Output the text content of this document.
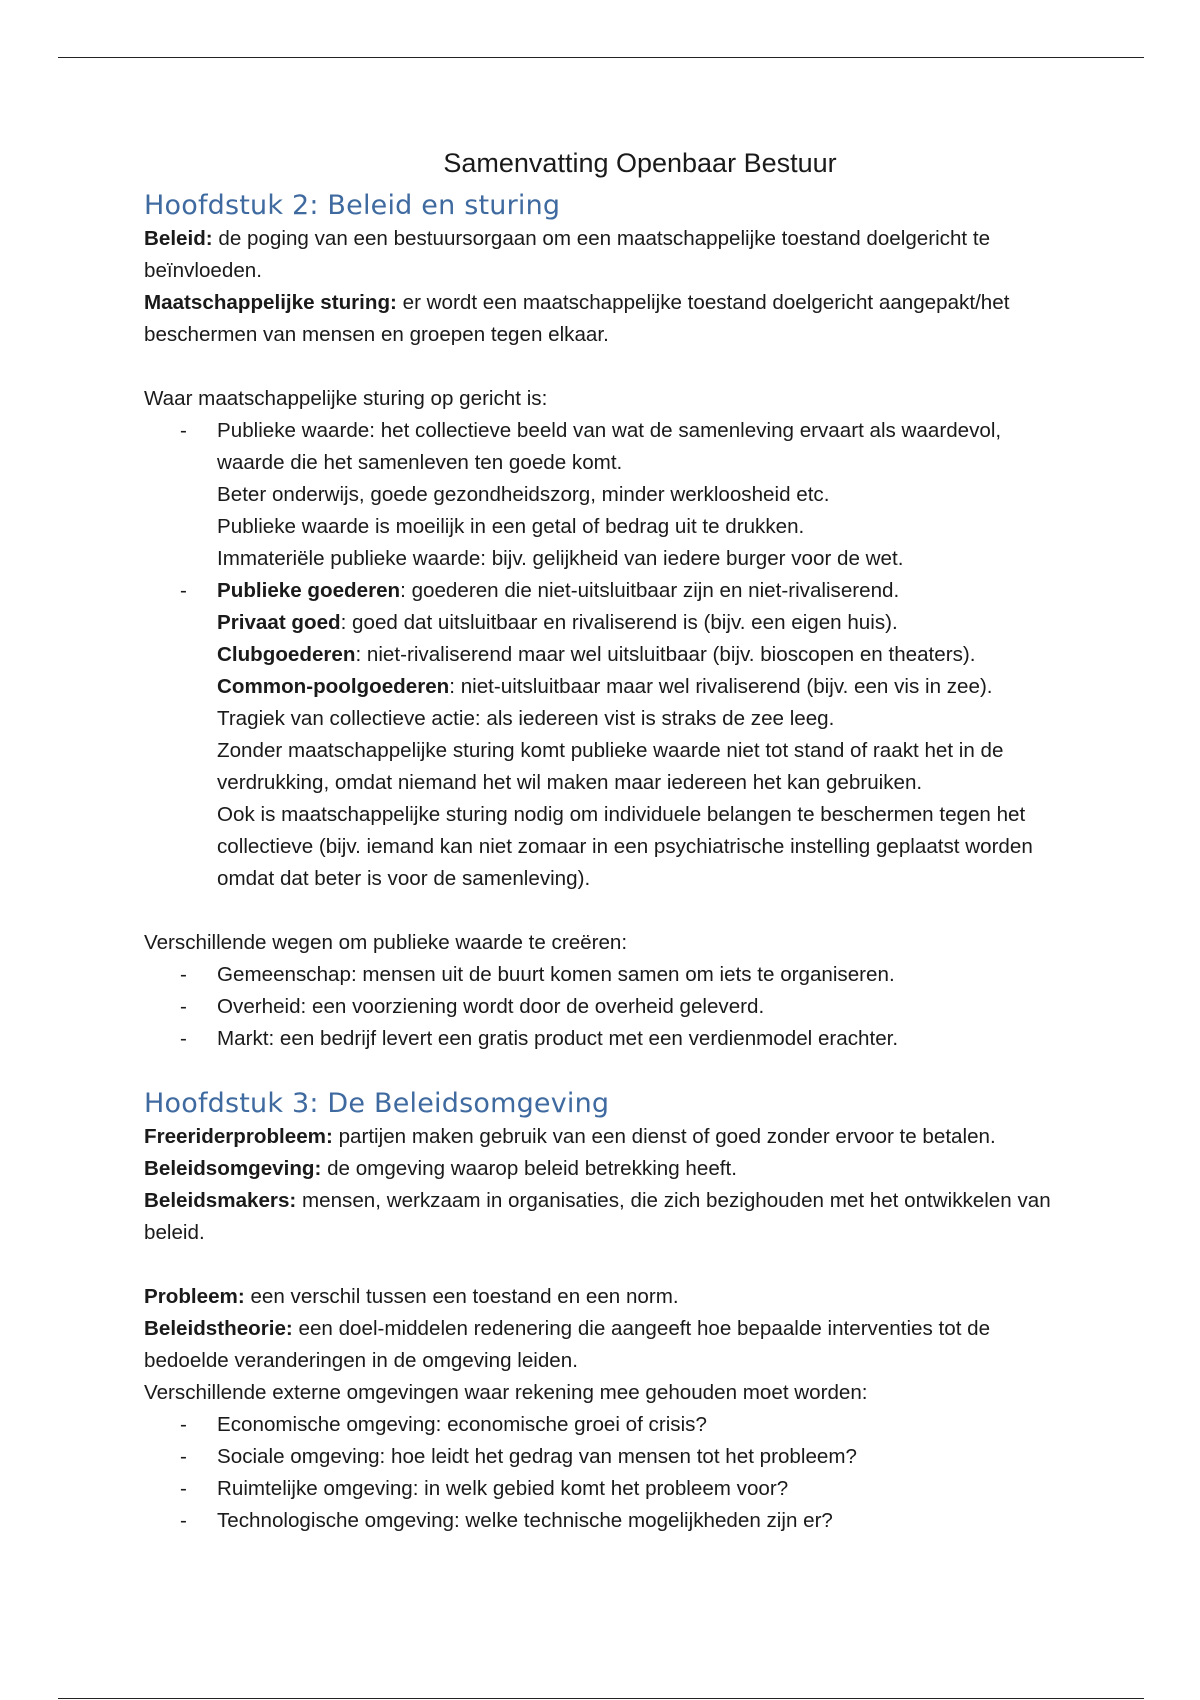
Samenvatting Openbaar Bestuur
Hoofdstuk 2: Beleid en sturing

Beleid: de poging van een bestuursorgaan om een maatschappelijke toestand doelgericht te beïnvloeden.

Maatschappelijke sturing: er wordt een maatschappelijke toestand doelgericht aangepakt/het beschermen van mensen en groepen tegen elkaar.

Waar maatschappelijke sturing op gericht is:

- Publieke waarde: het collectieve beeld van wat de samenleving ervaart als waardevol, waarde die het samenleven ten goede komt.
Beter onderwijs, goede gezondheidszorg, minder werkloosheid etc.
Publieke waarde is moeilijk in een getal of bedrag uit te drukken.
Immateriële publieke waarde: bijv. gelijkheid van iedere burger voor de wet.
- Publieke goederen: goederen die niet-uitsluitbaar zijn en niet-rivaliserend.
Privaat goed: goed dat uitsluitbaar en rivaliserend is (bijv. een eigen huis).
Clubgoederen: niet-rivaliserend maar wel uitsluitbaar (bijv. bioscopen en theaters).
Common-poolgoederen: niet-uitsluitbaar maar wel rivaliserend (bijv. een vis in zee).
Tragiek van collectieve actie: als iedereen vist is straks de zee leeg.
Zonder maatschappelijke sturing komt publieke waarde niet tot stand of raakt het in de verdrukking, omdat niemand het wil maken maar iedereen het kan gebruiken.
Ook is maatschappelijke sturing nodig om individuele belangen te beschermen tegen het collectieve (bijv. iemand kan niet zomaar in een psychiatrische instelling geplaatst worden omdat dat beter is voor de samenleving).

Verschillende wegen om publieke waarde te creëren:

- Gemeenschap: mensen uit de buurt komen samen om iets te organiseren.
- Overheid: een voorziening wordt door de overheid geleverd.
- Markt: een bedrijf levert een gratis product met een verdienmodel erachter.
Hoofdstuk 3: De Beleidsomgeving

Freeriderprobleem: partijen maken gebruik van een dienst of goed zonder ervoor te betalen.

Beleidsomgeving: de omgeving waarop beleid betrekking heeft.

Beleidsmakers: mensen, werkzaam in organisaties, die zich bezighouden met het ontwikkelen van beleid.

Probleem: een verschil tussen een toestand en een norm.

Beleidstheorie: een doel-middelen redenering die aangeeft hoe bepaalde interventies tot de bedoelde veranderingen in de omgeving leiden.

Verschillende externe omgevingen waar rekening mee gehouden moet worden:

- Economische omgeving: economische groei of crisis?
- Sociale omgeving: hoe leidt het gedrag van mensen tot het probleem?
- Ruimtelijke omgeving: in welk gebied komt het probleem voor?
- Technologische omgeving: welke technische mogelijkheden zijn er?
